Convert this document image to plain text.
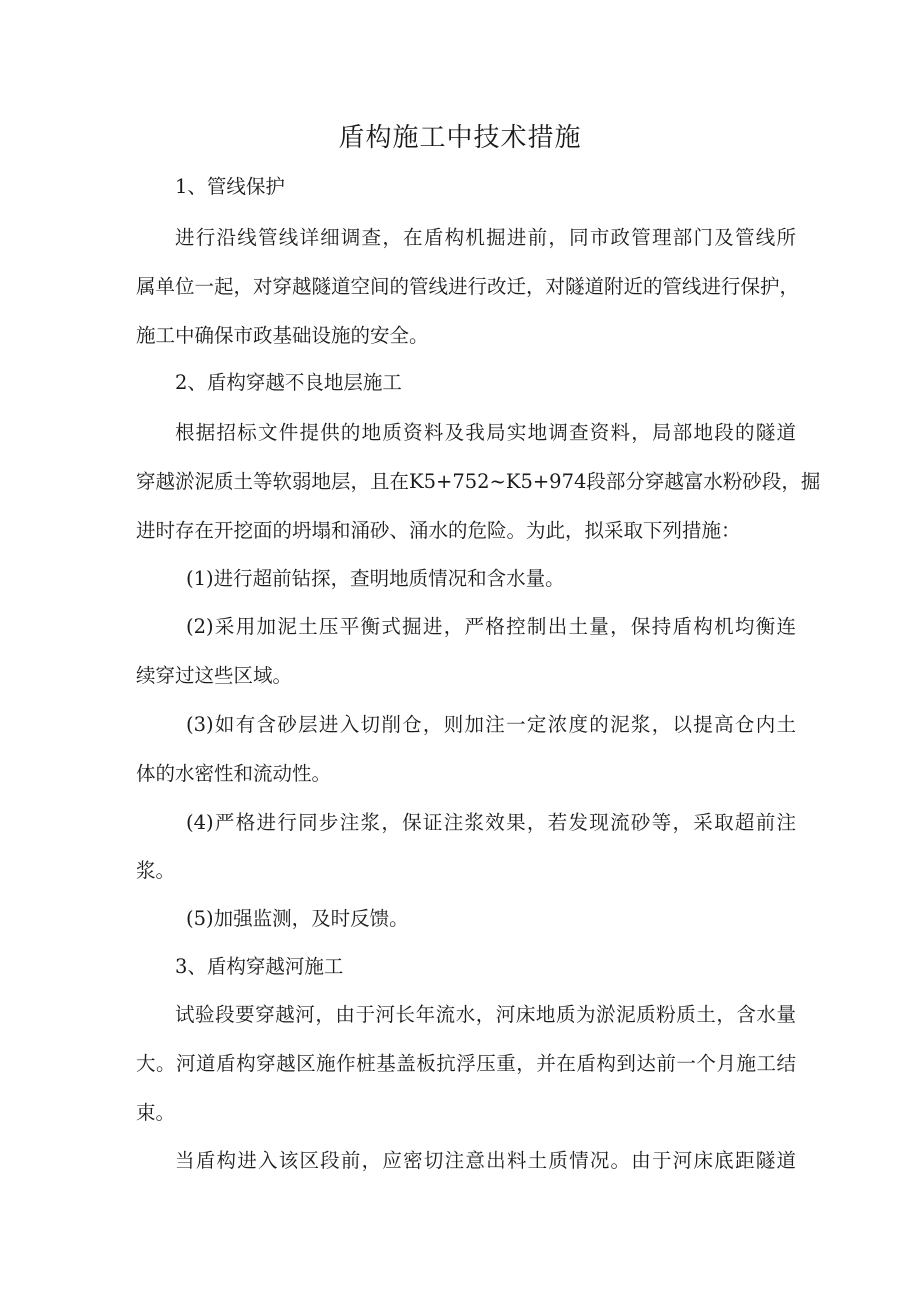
盾构施工中技术措施
1、管线保护
进行沿线管线详细调查，在盾构机掘进前，同市政管理部门及管线所
属单位一起，对穿越隧道空间的管线进行改迁，对隧道附近的管线进行保护，
施工中确保市政基础设施的安全。
2、盾构穿越不良地层施工
根据招标文件提供的地质资料及我局实地调查资料，局部地段的隧道
穿越淤泥质土等软弱地层，且在K5+752~K5+974段部分穿越富水粉砂段，掘
进时存在开挖面的坍塌和涌砂、涌水的危险。为此，拟采取下列措施：
(1)进行超前钻探，查明地质情况和含水量。
(2)采用加泥土压平衡式掘进，严格控制出土量，保持盾构机均衡连
续穿过这些区域。
(3)如有含砂层进入切削仓，则加注一定浓度的泥浆，以提高仓内土
体的水密性和流动性。
(4)严格进行同步注浆，保证注浆效果，若发现流砂等，采取超前注
浆。
(5)加强监测，及时反馈。
3、盾构穿越河施工
试验段要穿越河，由于河长年流水，河床地质为淤泥质粉质土，含水量
大。河道盾构穿越区施作桩基盖板抗浮压重，并在盾构到达前一个月施工结
束。
当盾构进入该区段前，应密切注意出料土质情况。由于河床底距隧道
